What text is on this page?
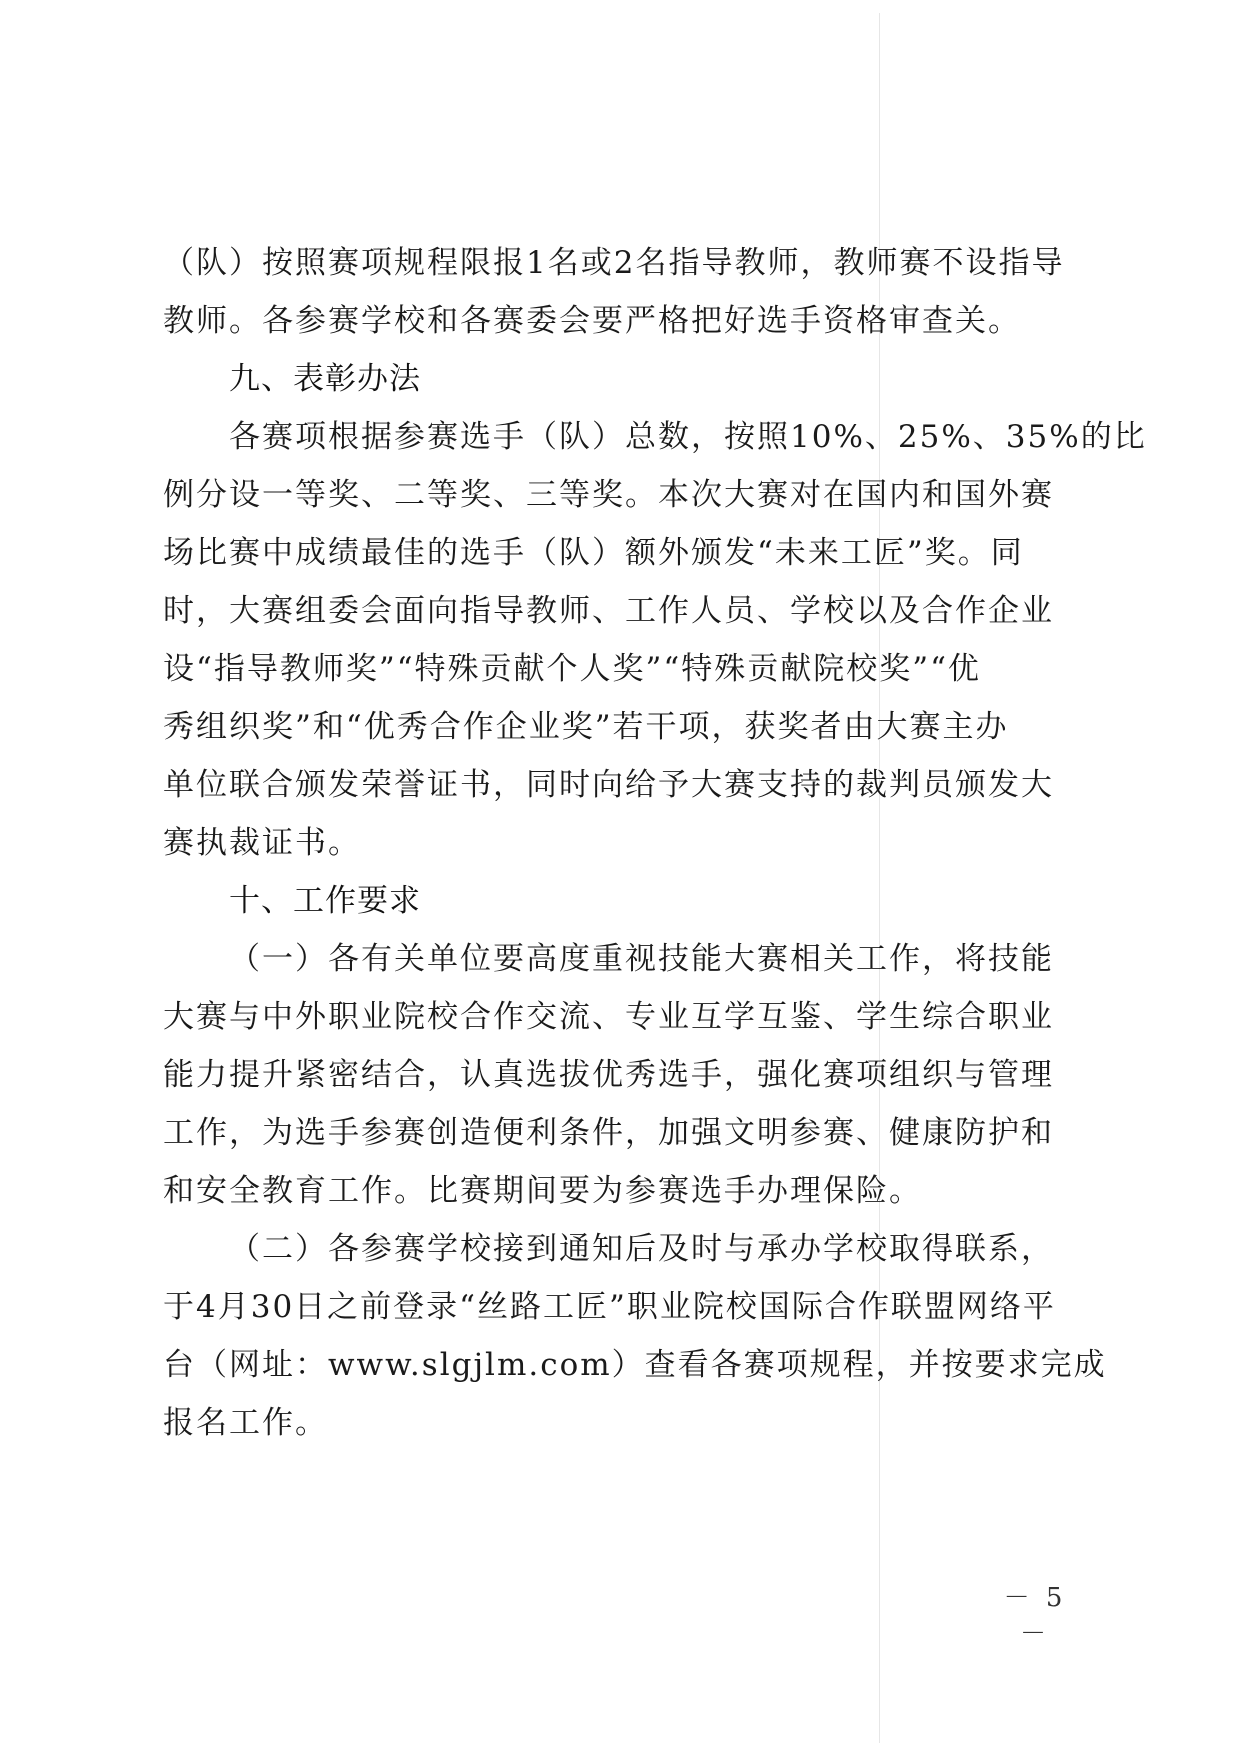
（队）按照赛项规程限报1名或2名指导教师，教师赛不设指导
教师。各参赛学校和各赛委会要严格把好选手资格审查关。
九、表彰办法
各赛项根据参赛选手（队）总数，按照10%、25%、35%的比
例分设一等奖、二等奖、三等奖。本次大赛对在国内和国外赛
场比赛中成绩最佳的选手（队）额外颁发“未来工匠”奖。同
时，大赛组委会面向指导教师、工作人员、学校以及合作企业
设“指导教师奖”“特殊贡献个人奖”“特殊贡献院校奖”“优
秀组织奖”和“优秀合作企业奖”若干项，获奖者由大赛主办
单位联合颁发荣誉证书，同时向给予大赛支持的裁判员颁发大
赛执裁证书。
十、工作要求
（一）各有关单位要高度重视技能大赛相关工作，将技能
大赛与中外职业院校合作交流、专业互学互鉴、学生综合职业
能力提升紧密结合，认真选拔优秀选手，强化赛项组织与管理
工作，为选手参赛创造便利条件，加强文明参赛、健康防护和
和安全教育工作。比赛期间要为参赛选手办理保险。
（二）各参赛学校接到通知后及时与承办学校取得联系，
于4月30日之前登录“丝路工匠”职业院校国际合作联盟网络平
台（网址：www.slgjlm.com）查看各赛项规程，并按要求完成
报名工作。
－ 5 －
